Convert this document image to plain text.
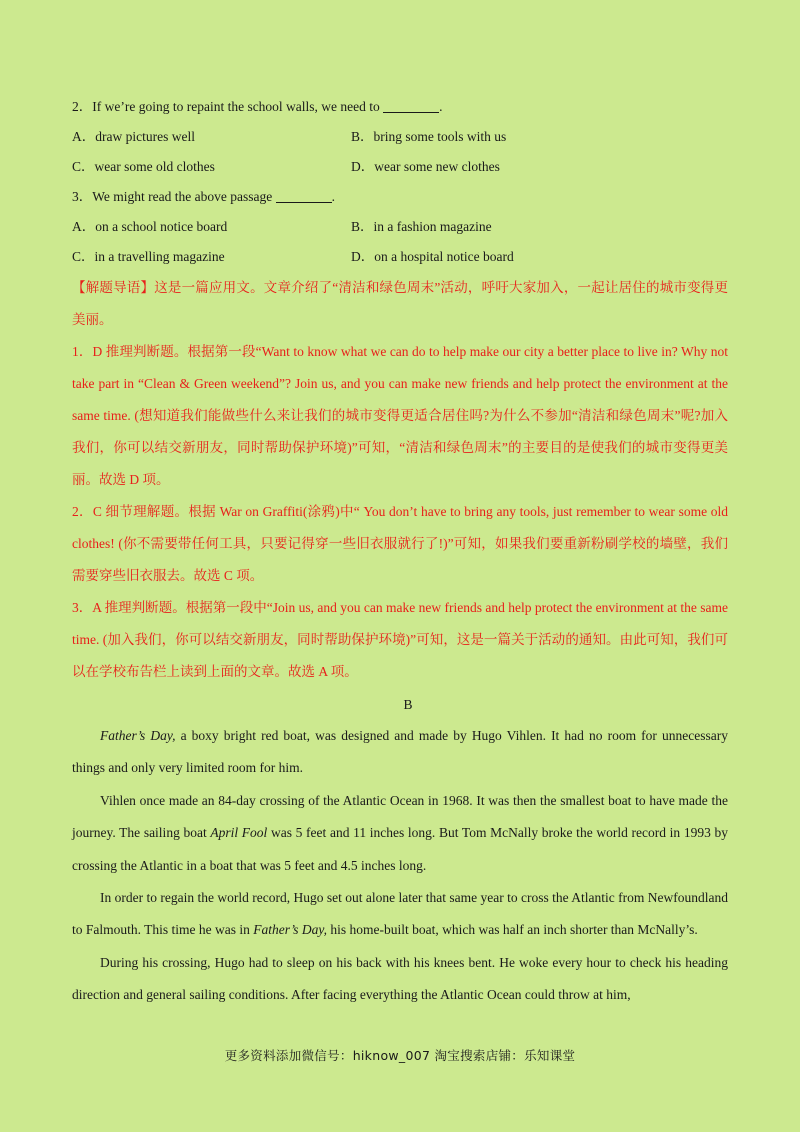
2．If we’re going to repaint the school walls, we need to	.
A．draw pictures well	B．bring some tools with us
C．wear some old clothes	D．wear some new clothes
3．We might read the above passage	.
A．on a school notice board	B．in a fashion magazine
C．in a travelling magazine	D．on a hospital notice board

【解题导语】这是一篇应用文。文章介绍了“清洁和绿色周末”活动，呼吁大家加入，一起让居住的城市变得更美丽。

1．D 推理判断题。根据第一段“Want to know what we can do to help make our city a better place to live in? Why not take part in “Clean & Green weekend”? Join us, and you can make new friends and help protect the environment at the same time. (想知道我们能做些什么来让我们的城市变得更适合居住吗?为什么不参加“清洁和绿色周末”呢?加入我们，你可以结交新朋友，同时帮助保护环境)”可知，“清洁和绿色周末”的主要目的是使我们的城市变得更美丽。故选 D 项。

2．C 细节理解题。根据 War on Graffiti(涂鸦)中“ You don’t have to bring any tools, just remember to wear some old clothes! (你不需要带任何工具，只要记得穿一些旧衣服就行了!)”可知，如果我们要重新粉刷学校的墙壁，我们需要穿些旧衣服去。故选 C 项。

3．A 推理判断题。根据第一段中“Join us, and you can make new friends and help protect the environment at the same time. (加入我们，你可以结交新朋友，同时帮助保护环境)”可知，这是一篇关于活动的通知。由此可知，我们可以在学校布告栏上读到上面的文章。故选 A 项。

B

Father’s Day, a boxy bright red boat, was designed and made by Hugo Vihlen. It had no room for unnecessary things and only very limited room for him.

Vihlen once made an 84-day crossing of the Atlantic Ocean in 1968. It was then the smallest boat to have made the journey. The sailing boat April Fool was 5 feet and 11 inches long. But Tom McNally broke the world record in 1993 by crossing the Atlantic in a boat that was 5 feet and 4.5 inches long.

In order to regain the world record, Hugo set out alone later that same year to cross the Atlantic from Newfoundland to Falmouth. This time he was in Father’s Day, his home-built boat, which was half an inch shorter than McNally’s.

During his crossing, Hugo had to sleep on his back with his knees bent. He woke every hour to check his heading direction and general sailing conditions. After facing everything the Atlantic Ocean could throw at him,

更多资料添加微信号：hiknow_007 淘宝搜索店铺：乐知课堂
